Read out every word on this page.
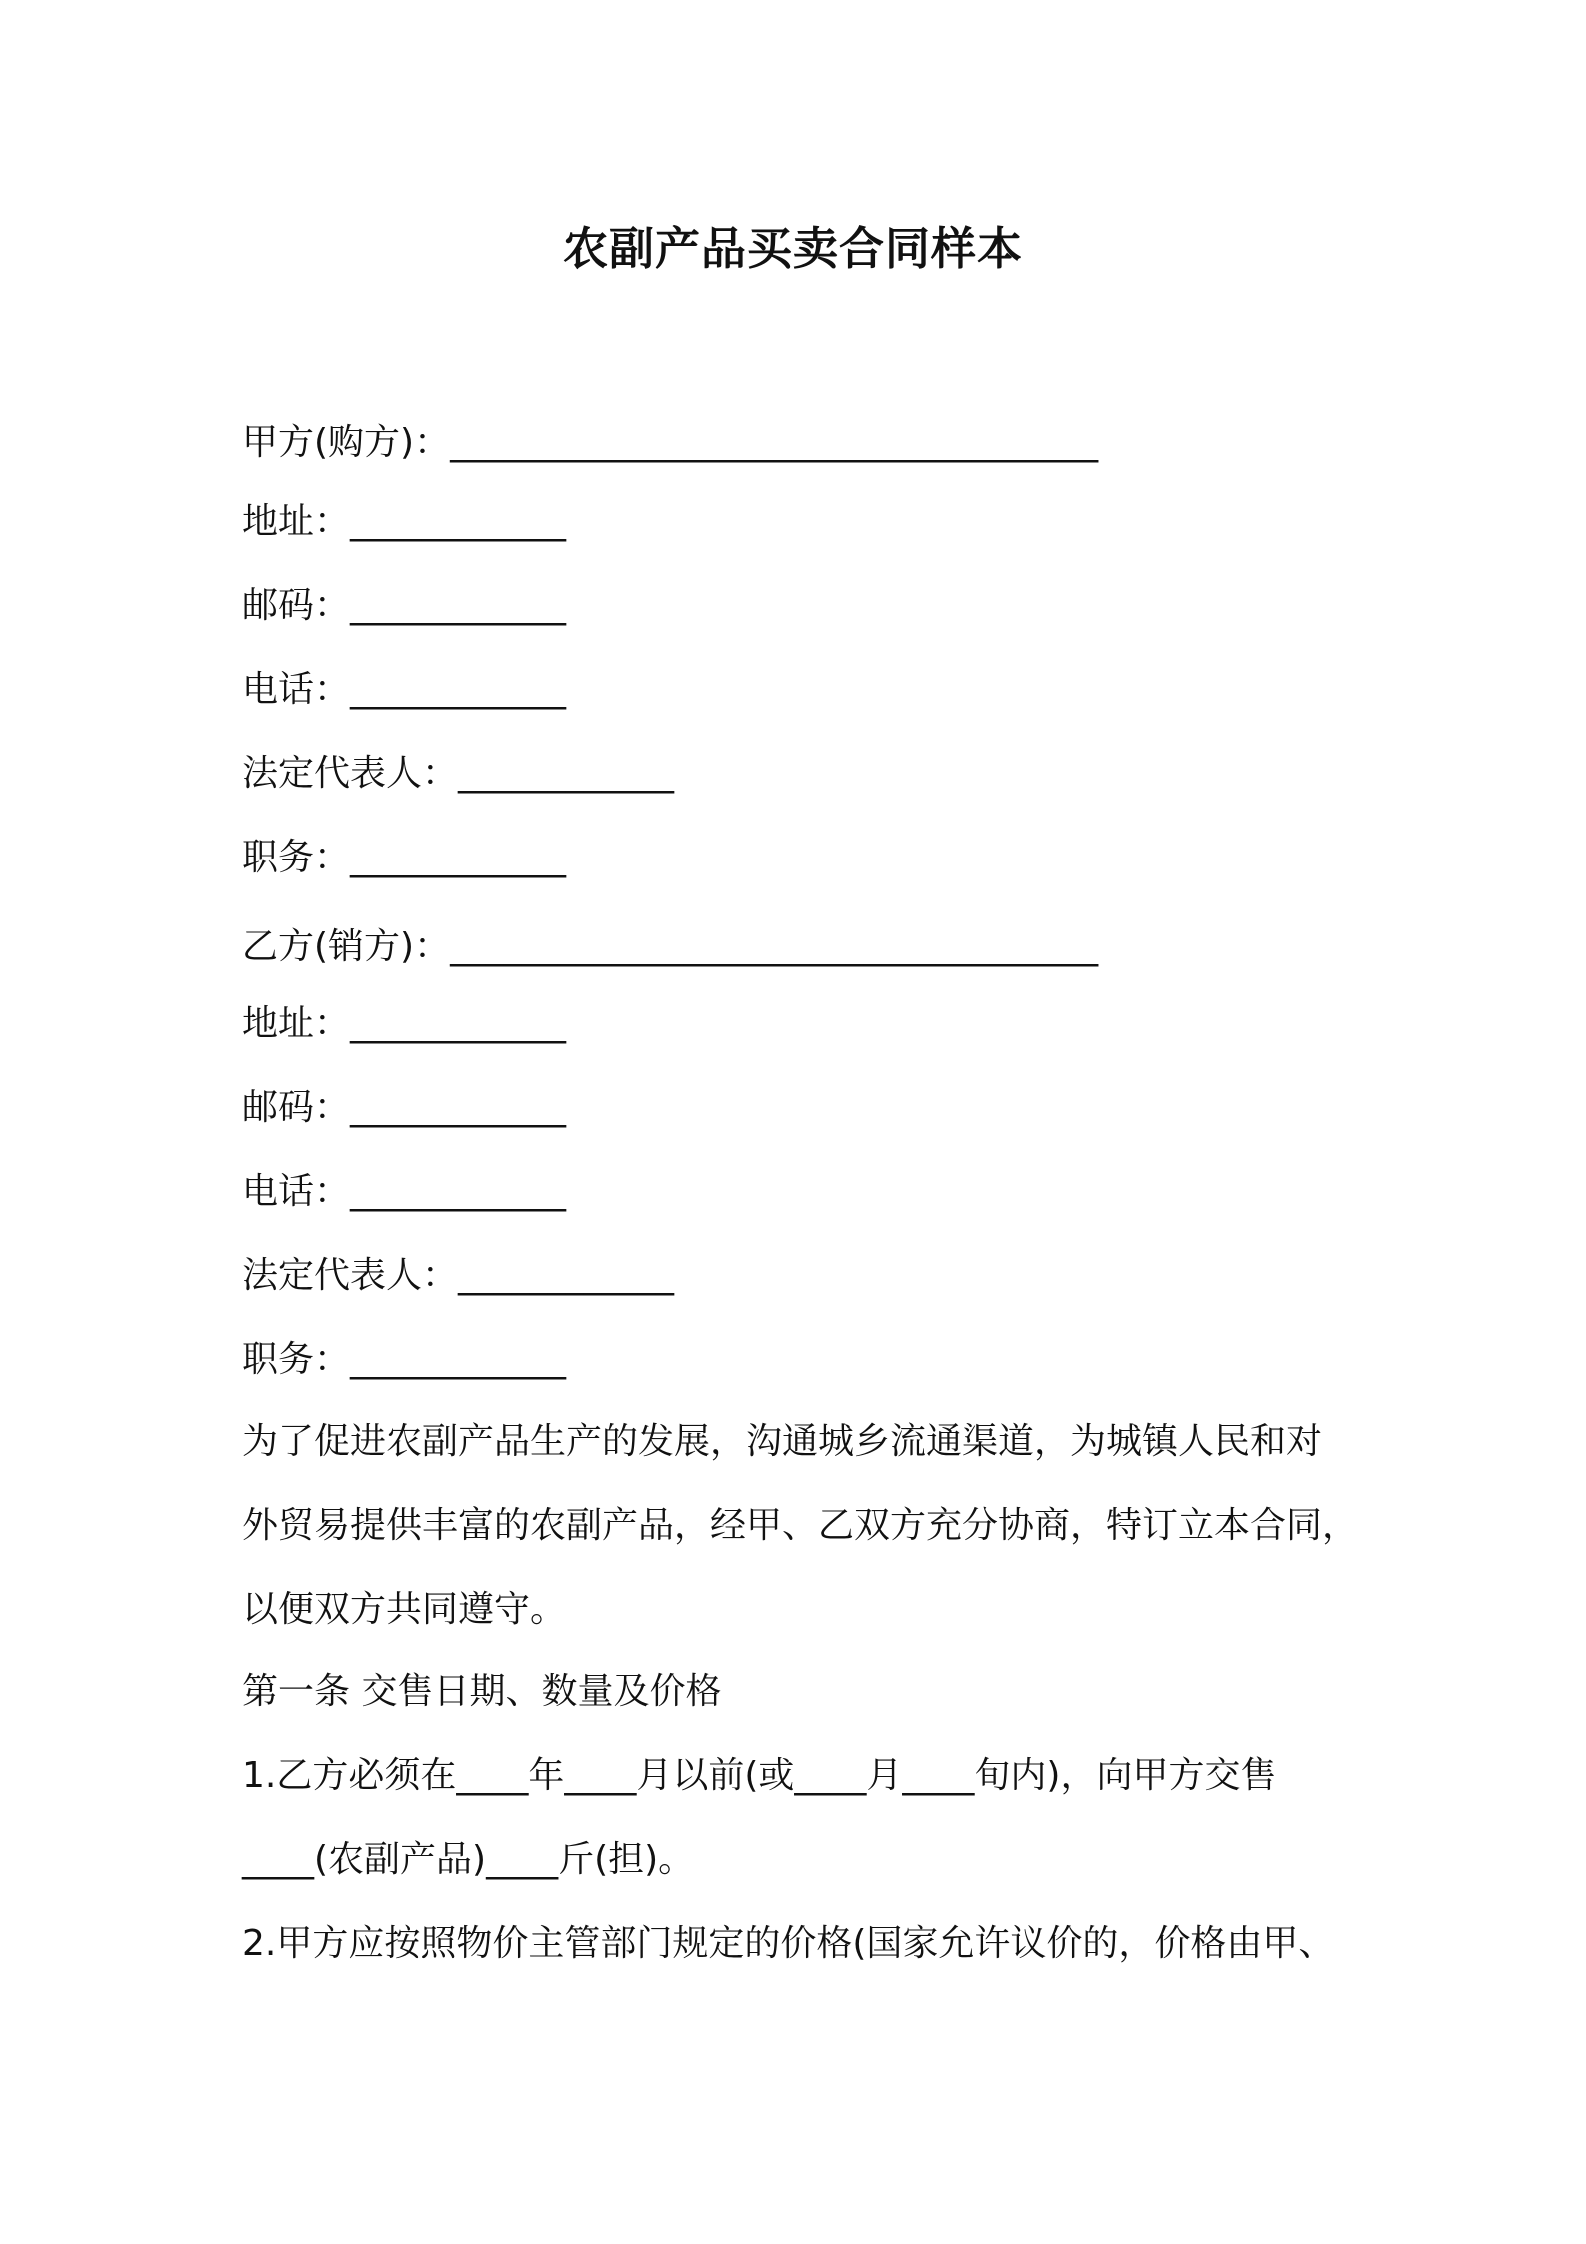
农副产品买卖合同样本
甲方(购方)：____________________________________
地址：____________
邮码：____________
电话：____________
法定代表人：____________
职务：____________
乙方(销方)：____________________________________
地址：____________
邮码：____________
电话：____________
法定代表人：____________
职务：____________
为了促进农副产品生产的发展，沟通城乡流通渠道，为城镇人民和对
外贸易提供丰富的农副产品，经甲、乙双方充分协商，特订立本合同，
以便双方共同遵守。
第一条 交售日期、数量及价格
1.乙方必须在____年____月以前(或____月____旬内)，向甲方交售
____(农副产品)____斤(担)。
2.甲方应按照物价主管部门规定的价格(国家允许议价的，价格由甲、
